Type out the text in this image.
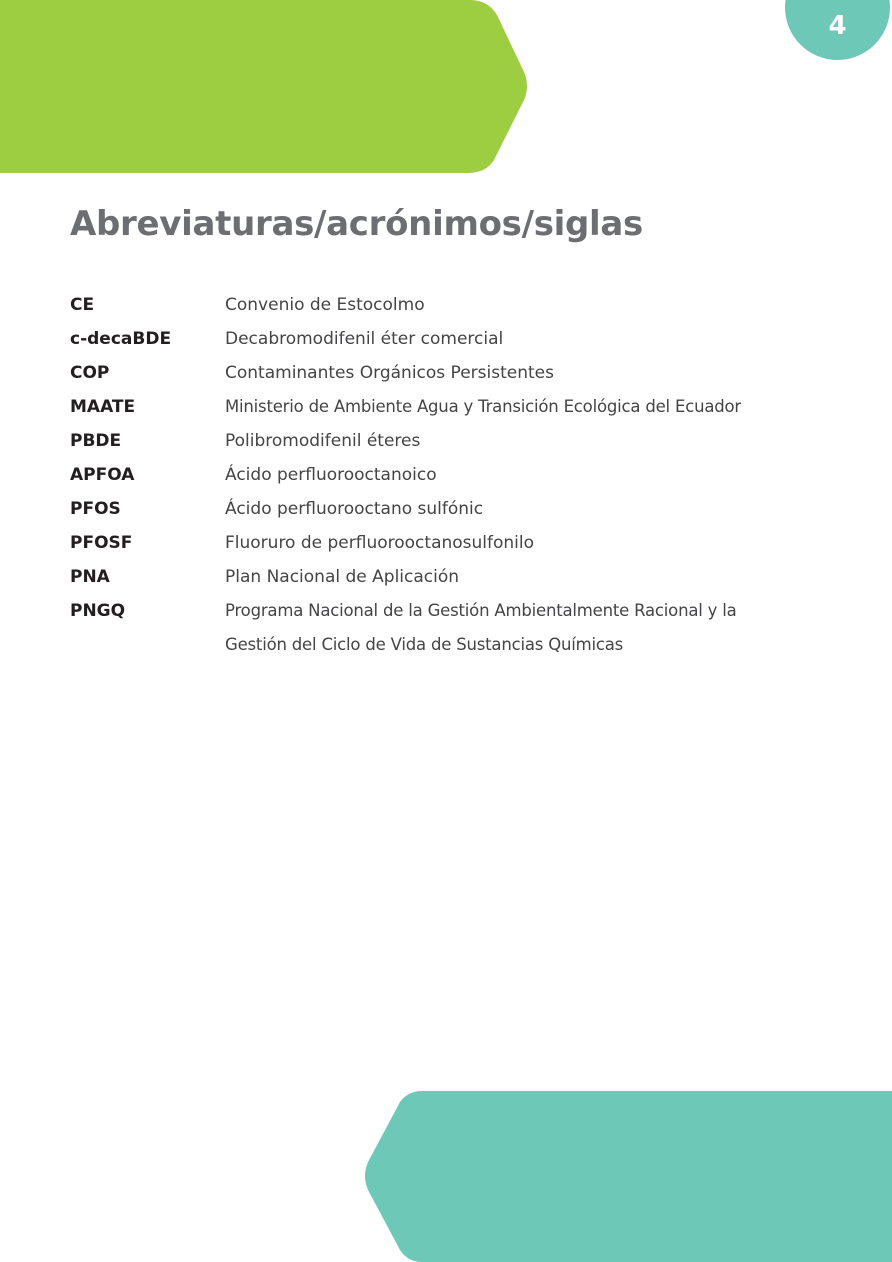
4
Abreviaturas/acrónimos/siglas
CE	Convenio de Estocolmo
c-decaBDE	Decabromodifenil éter comercial
COP	Contaminantes Orgánicos Persistentes
MAATE	Ministerio de Ambiente Agua y Transición Ecológica del Ecuador
PBDE	Polibromodifenil éteres
APFOA	Ácido perfluorooctanoico
PFOS	Ácido perfluorooctano sulfónic
PFOSF	Fluoruro de perfluorooctanosulfonilo
PNA	Plan Nacional de Aplicación
PNGQ	Programa Nacional de la Gestión Ambientalmente Racional y la
Gestión del Ciclo de Vida de Sustancias Químicas
